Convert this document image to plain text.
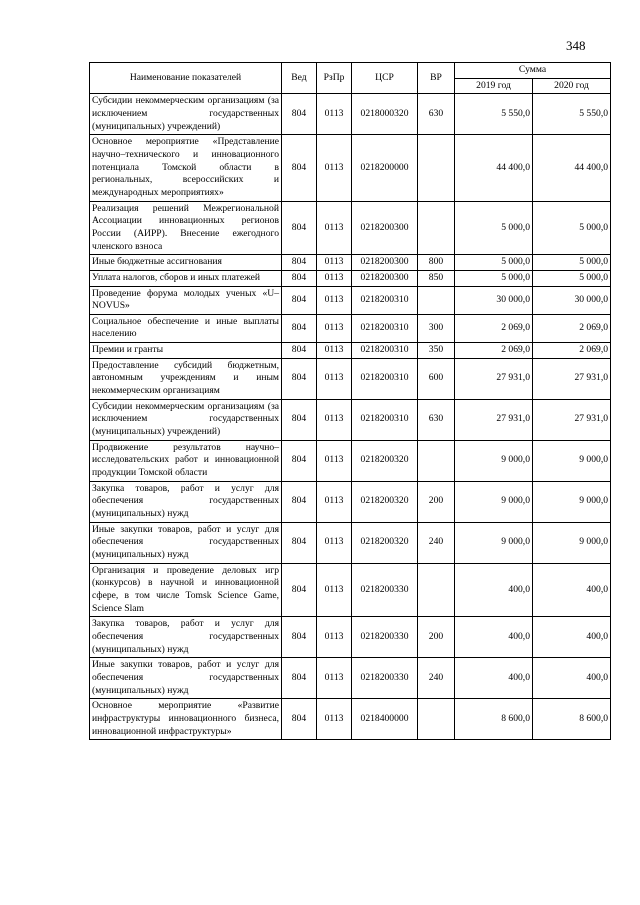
348
Наименование показателей	Вед	РзПр	ЦСР	ВР	Сумма	
					2019 год	2020 год
Субсидии некоммерческим организациям (за исключением государственных (муниципальных) учреждений)	804	0113	0218000320	630	5 550,0	5 550,0
Основное мероприятие «Представление научно–технического и инновационного потенциала Томской области в региональных, всероссийских и международных мероприятиях»	804	0113	0218200000		44 400,0	44 400,0
Реализация решений Межрегиональной Ассоциации инновационных регионов России (АИРР). Внесение ежегодного членского взноса	804	0113	0218200300		5 000,0	5 000,0
Иные бюджетные ассигнования	804	0113	0218200300	800	5 000,0	5 000,0
Уплата налогов, сборов и иных платежей	804	0113	0218200300	850	5 000,0	5 000,0
Проведение форума молодых ученых «U–NOVUS»	804	0113	0218200310		30 000,0	30 000,0
Социальное обеспечение и иные выплаты населению	804	0113	0218200310	300	2 069,0	2 069,0
Премии и гранты	804	0113	0218200310	350	2 069,0	2 069,0
Предоставление субсидий бюджетным, автономным учреждениям и иным некоммерческим организациям	804	0113	0218200310	600	27 931,0	27 931,0
Субсидии некоммерческим организациям (за исключением государственных (муниципальных) учреждений)	804	0113	0218200310	630	27 931,0	27 931,0
Продвижение результатов научно–исследовательских работ и инновационной продукции Томской области	804	0113	0218200320		9 000,0	9 000,0
Закупка товаров, работ и услуг для обеспечения государственных (муниципальных) нужд	804	0113	0218200320	200	9 000,0	9 000,0
Иные закупки товаров, работ и услуг для обеспечения государственных (муниципальных) нужд	804	0113	0218200320	240	9 000,0	9 000,0
Организация и проведение деловых игр (конкурсов) в научной и инновационной сфере, в том числе Tomsk Science Game, Science Slam	804	0113	0218200330		400,0	400,0
Закупка товаров, работ и услуг для обеспечения государственных (муниципальных) нужд	804	0113	0218200330	200	400,0	400,0
Иные закупки товаров, работ и услуг для обеспечения государственных (муниципальных) нужд	804	0113	0218200330	240	400,0	400,0
Основное мероприятие «Развитие инфраструктуры инновационного бизнеса, инновационной инфраструктуры»	804	0113	0218400000		8 600,0	8 600,0
